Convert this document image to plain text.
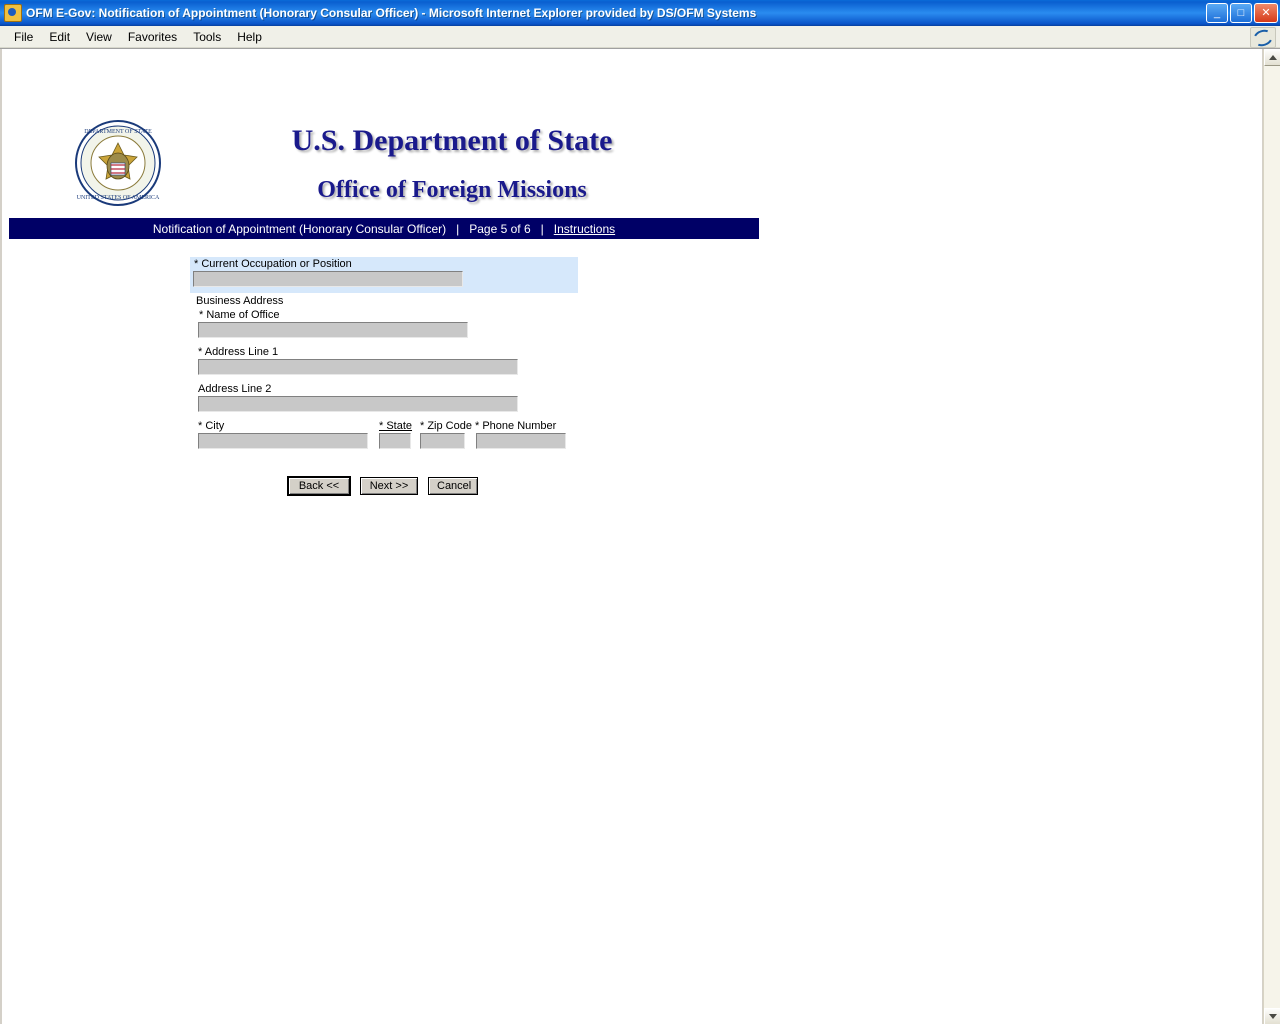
OFM E-Gov: Notification of Appointment (Honorary Consular Officer) - Microsoft Internet Explorer provided by DS/OFM Systems	_	□	✕
File	Edit	View	Favorites	Tools	Help
DEPARTMENT OF STATE
UNITED STATES OF AMERICA
U.S. Department of State
Office of Foreign Missions
Notification of Appointment (Honorary Consular Officer) | Page 5 of 6 | Instructions
* Current Occupation or Position
Business Address
* Name of Office
* Address Line 1
Address Line 2
* City	* State * Zip Code * Phone Number
Back <<	Next >>	Cancel
